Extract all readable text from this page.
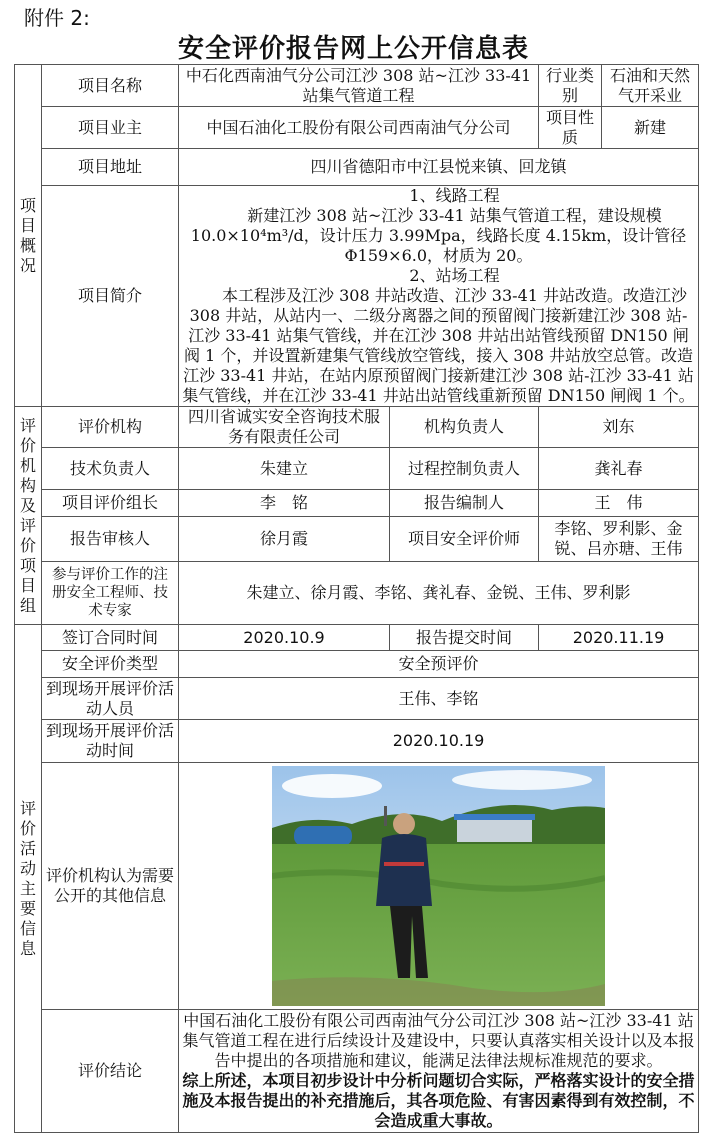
附件 2:
安全评价报告网上公开信息表
项目概况	项目名称	中石化西南油气分公司江沙 308 站~江沙 33-41 站集气管道工程		行业类别	石油和天然气开采业
	项目业主	中国石油化工股份有限公司西南油气分公司		项目性质	新建
	项目地址	四川省德阳市中江县悦来镇、回龙镇			
	项目简介	1、线路工程

新建江沙 308 站~江沙 33-41 站集气管道工程，建设规模 10.0×10⁴m³/d，设计压力 3.99Mpa，线路长度 4.15km，设计管径Φ159×6.0，材质为 20。

2、站场工程

本工程涉及江沙 308 井站改造、江沙 33-41 井站改造。改造江沙 308 井站，从站内一、二级分离器之间的预留阀门接新建江沙 308 站-江沙 33-41 站集气管线，并在江沙 308 井站出站管线预留 DN150 闸阀 1 个，并设置新建集气管线放空管线，接入 308 井站放空总管。改造江沙 33-41 井站，在站内原预留阀门接新建江沙 308 站-江沙 33-41 站集气管线，并在江沙 33-41 井站出站管线重新预留 DN150 闸阀 1 个。			

评价机构及评价项目组	评价机构	四川省诚实安全咨询技术服务有限责任公司	机构负责人	刘东	
	技术负责人	朱建立	过程控制负责人	龚礼春	
	项目评价组长	李　铭	报告编制人	王　伟	
	报告审核人	徐月霞	项目安全评价师	李铭、罗利影、金锐、吕亦瑭、王伟	
	参与评价工作的注册安全工程师、技术专家	朱建立、徐月霞、李铭、龚礼春、金锐、王伟、罗利影			

评价活动主要信息	签订合同时间	2020.10.9	报告提交时间	2020.11.19	
	安全评价类型	安全预评价			
	到现场开展评价活动人员	王伟、李铭			
	到现场开展评价活动时间	2020.10.19			
	评价机构认为需要公开的其他信息	

	评价结论	中国石油化工股份有限公司西南油气分公司江沙 308 站~江沙 33-41 站集气管道工程在进行后续设计及建设中，只要认真落实相关设计以及本报告中提出的各项措施和建议，能满足法律法规标准规范的要求。

综上所述，本项目初步设计中分析问题切合实际，严格落实设计的安全措施及本报告提出的补充措施后，其各项危险、有害因素得到有效控制，不会造成重大事故。			
